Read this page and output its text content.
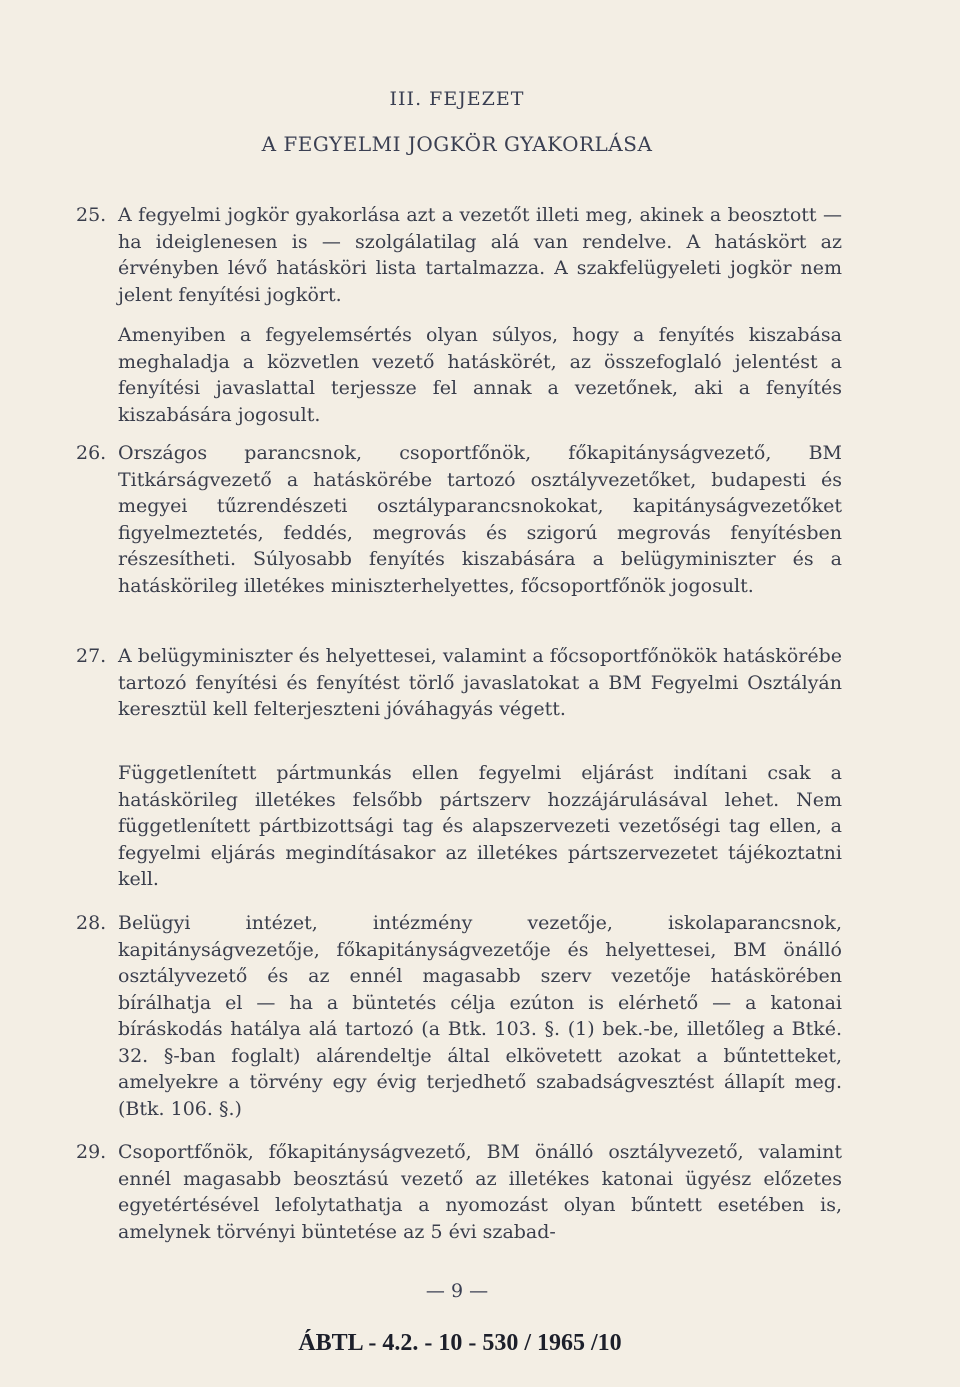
III. FEJEZET
A FEGYELMI JOGKÖR GYAKORLÁSA
25. A fegyelmi jogkör gyakorlása azt a vezetőt illeti meg, akinek a beosztott — ha ideiglenesen is — szolgálatilag alá van rendelve. A hatáskört az érvényben lévő hatásköri lista tartalmazza. A szakfelügyeleti jogkör nem jelent fenyítési jogkört.
Amenyiben a fegyelemsértés olyan súlyos, hogy a fenyítés kiszabása meghaladja a közvetlen vezető hatáskörét, az összefoglaló jelentést a fenyítési javaslattal terjessze fel annak a vezetőnek, aki a fenyítés kiszabására jogosult.
26. Országos parancsnok, csoportfőnök, főkapitányságvezető, BM Titkárságvezető a hatáskörébe tartozó osztályvezetőket, budapesti és megyei tűzrendészeti osztályparancsnokokat, kapitányságvezetőket figyelmeztetés, feddés, megrovás és szigorú megrovás fenyítésben részesítheti. Súlyosabb fenyítés kiszabására a belügyminiszter és a hatáskörileg illetékes miniszterhelyettes, főcsoportfőnök jogosult.
27. A belügyminiszter és helyettesei, valamint a főcsoportfőnökök hatáskörébe tartozó fenyítési és fenyítést törlő javaslatokat a BM Fegyelmi Osztályán keresztül kell felterjeszteni jóváhagyás végett.
Függetlenített pártmunkás ellen fegyelmi eljárást indítani csak a hatáskörileg illetékes felsőbb pártszerv hozzájárulásával lehet. Nem függetlenített pártbizottsági tag és alapszervezeti vezetőségi tag ellen, a fegyelmi eljárás megindításakor az illetékes pártszervezetet tájékoztatni kell.
28. Belügyi intézet, intézmény vezetője, iskolaparancsnok, kapitányságvezetője, főkapitányságvezetője és helyettesei, BM önálló osztályvezető és az ennél magasabb szerv vezetője hatáskörében bírálhatja el — ha a büntetés célja ezúton is elérhető — a katonai bíráskodás hatálya alá tartozó (a Btk. 103. §. (1) bek.-be, illetőleg a Btké. 32. §-ban foglalt) alárendeltje által elkövetett azokat a bűntetteket, amelyekre a törvény egy évig terjedhető szabadságvesztést állapít meg. (Btk. 106. §.)
29. Csoportfőnök, főkapitányságvezető, BM önálló osztályvezető, valamint ennél magasabb beosztású vezető az illetékes katonai ügyész előzetes egyetértésével lefolytathatja a nyomozást olyan bűntett esetében is, amelynek törvényi büntetése az 5 évi szabad-
— 9 —
ÁBTL - 4.2. - 10 - 530 / 1965 /10
